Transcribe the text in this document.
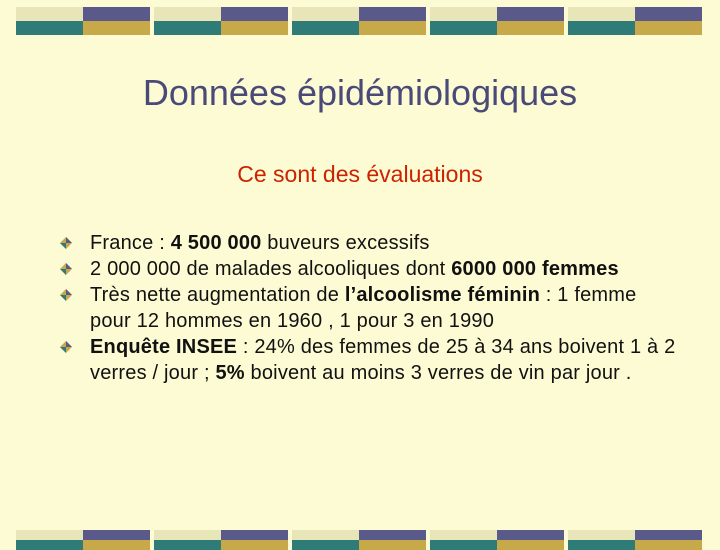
Données épidémiologiques
Ce sont des évaluations
France : 4 500 000 buveurs excessifs
2 000 000 de malades alcooliques dont 6000 000 femmes
Très nette augmentation de l’alcoolisme féminin : 1 femme pour 12 hommes en 1960 , 1 pour 3 en 1990
Enquête INSEE : 24% des femmes de 25 à 34 ans boivent 1 à 2 verres / jour ; 5% boivent au moins 3 verres de vin par jour .
